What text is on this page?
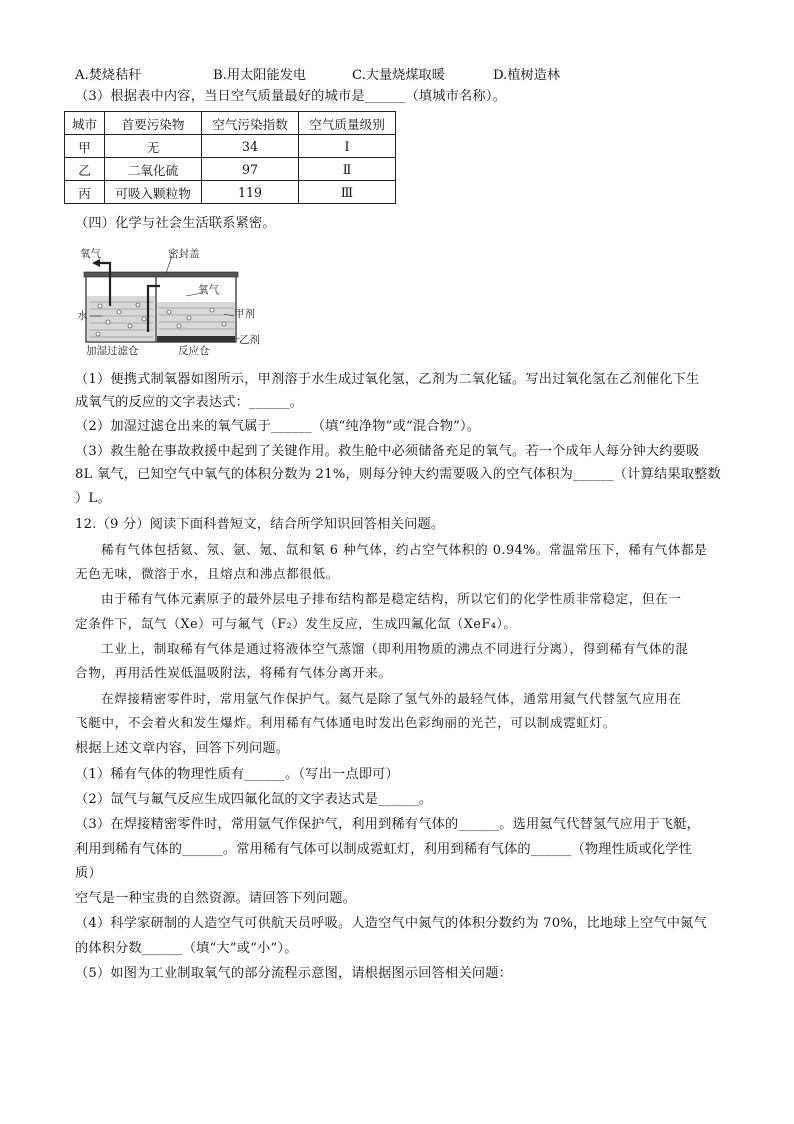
A.焚烧秸秆	B.用太阳能发电	C.大量烧煤取暖	D.植树造林
（3）根据表中内容，当日空气质量最好的城市是______（填城市名称）。
城市	首要污染物	空气污染指数	空气质量级别
甲	无	34	Ⅰ
乙	二氧化硫	97	Ⅱ
丙	可吸入颗粒物	119	Ⅲ
（四）化学与社会生活联系紧密。
氧气	密封盖
氧气
水	甲剂
乙剂
加湿过滤仓	反应仓
（1）便携式制氧器如图所示，甲剂溶于水生成过氧化氢，乙剂为二氧化锰。写出过氧化氢在乙剂催化下生
成氧气的反应的文字表达式：______。
（2）加湿过滤仓出来的氧气属于______（填“纯净物”或“混合物”）。
（3）救生舱在事故救援中起到了关键作用。救生舱中必须储备充足的氧气。若一个成年人每分钟大约要吸
8L 氧气，已知空气中氧气的体积分数为 21%，则每分钟大约需要吸入的空气体积为______（计算结果取整数
）L。
12.（9 分）阅读下面科普短文，结合所学知识回答相关问题。
稀有气体包括氦、氖、氩、氪、氙和氡 6 种气体，约占空气体积的 0.94%。常温常压下，稀有气体都是
无色无味，微溶于水，且熔点和沸点都很低。
由于稀有气体元素原子的最外层电子排布结构都是稳定结构，所以它们的化学性质非常稳定，但在一
定条件下，氙气（Xe）可与氟气（F₂）发生反应，生成四氟化氙（XeF₄）。
工业上，制取稀有气体是通过将液体空气蒸馏（即利用物质的沸点不同进行分离），得到稀有气体的混
合物，再用活性炭低温吸附法，将稀有气体分离开来。
在焊接精密零件时，常用氩气作保护气。氦气是除了氢气外的最轻气体，通常用氦气代替氢气应用在
飞艇中，不会着火和发生爆炸。利用稀有气体通电时发出色彩绚丽的光芒，可以制成霓虹灯。
根据上述文章内容，回答下列问题。
（1）稀有气体的物理性质有______。（写出一点即可）
（2）氙气与氟气反应生成四氟化氙的文字表达式是______。
（3）在焊接精密零件时，常用氩气作保护气，利用到稀有气体的______。选用氦气代替氢气应用于飞艇，
利用到稀有气体的______。常用稀有气体可以制成霓虹灯，利用到稀有气体的______（物理性质或化学性
质）
空气是一种宝贵的自然资源。请回答下列问题。
（4）科学家研制的人造空气可供航天员呼吸。人造空气中氮气的体积分数约为 70%，比地球上空气中氮气
的体积分数______（填“大”或“小”）。
（5）如图为工业制取氧气的部分流程示意图，请根据图示回答相关问题：
